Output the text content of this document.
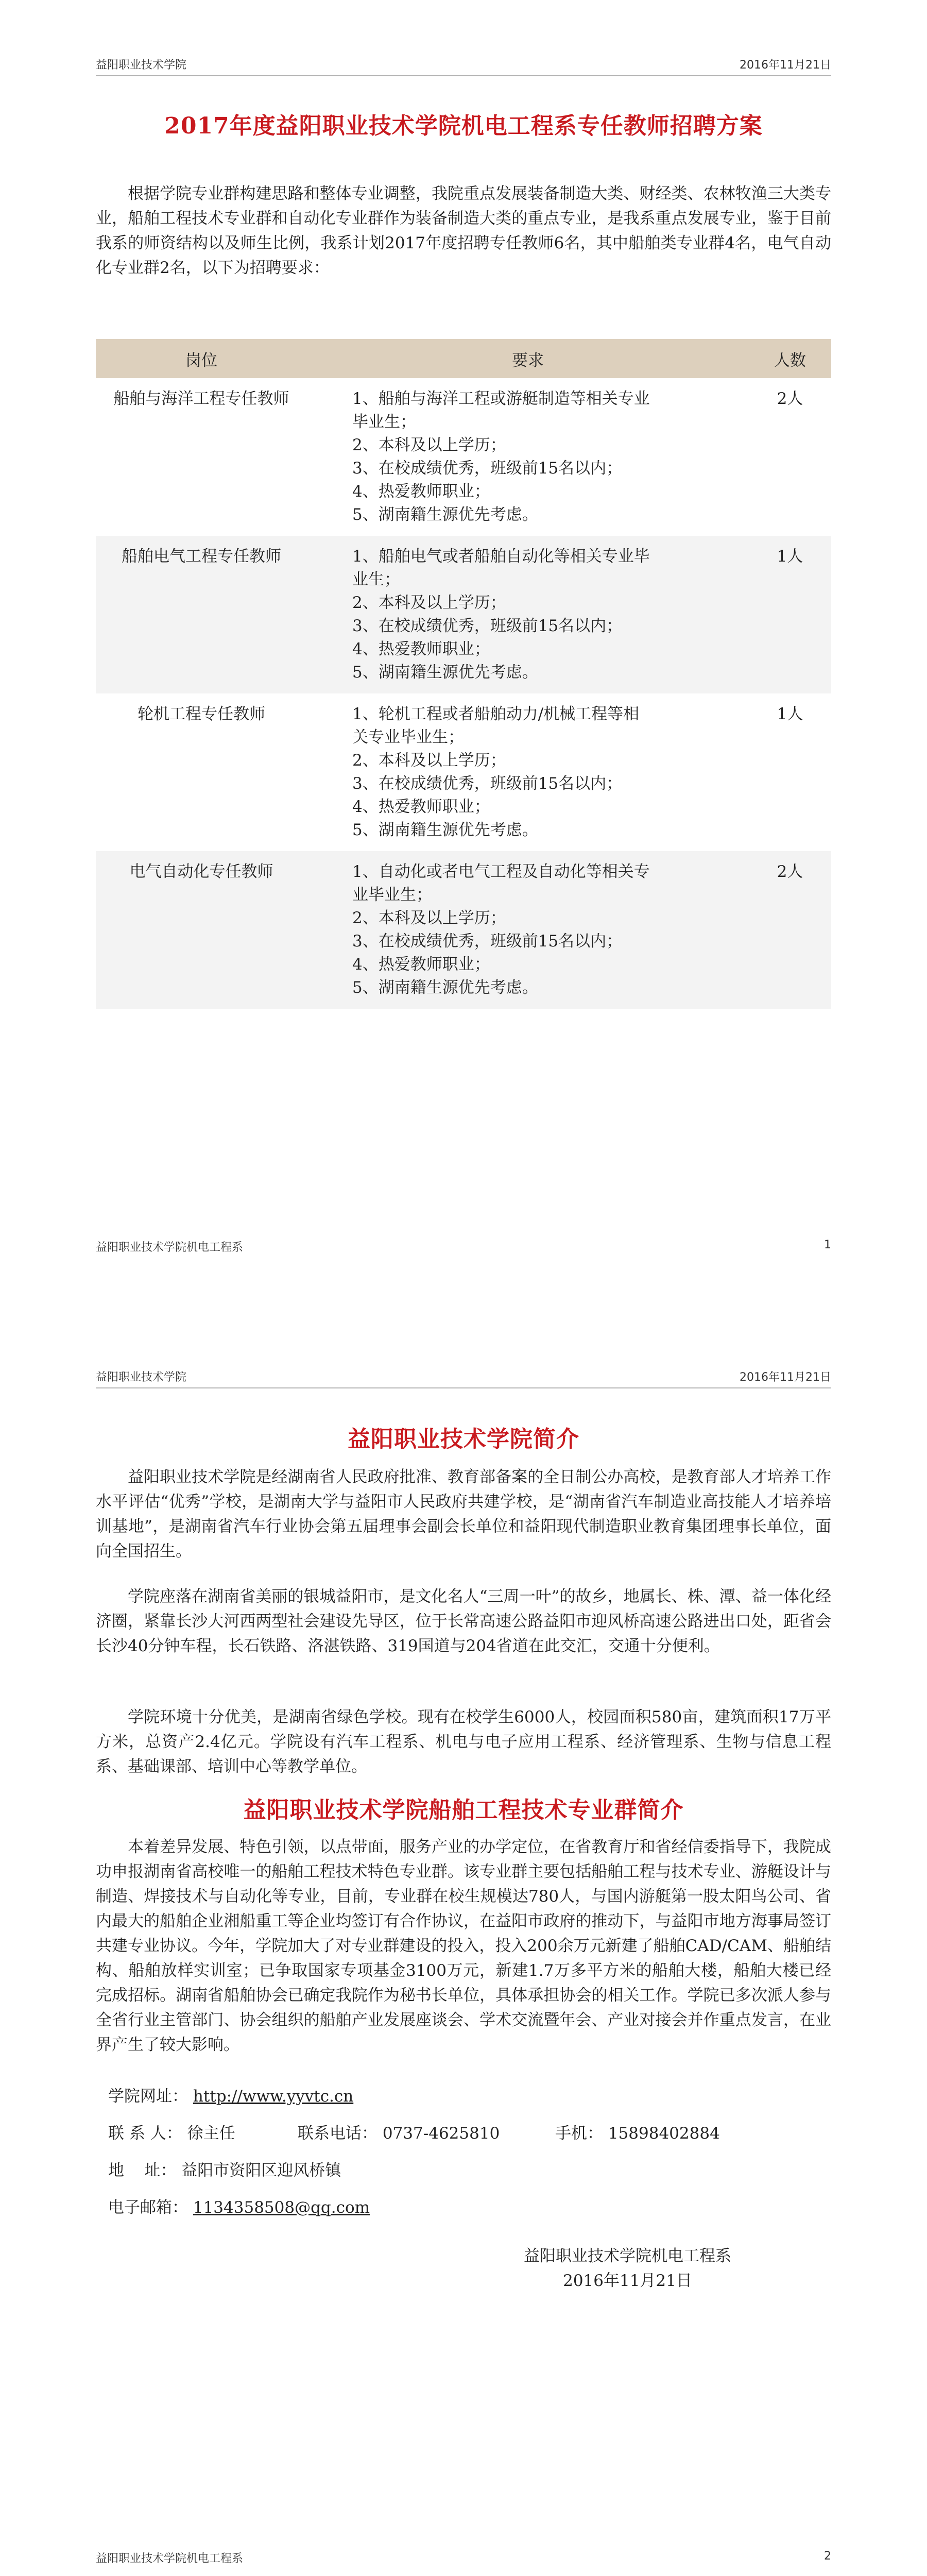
益阳职业技术学院	2016年11月21日
2017年度益阳职业技术学院机电工程系专任教师招聘方案

根据学院专业群构建思路和整体专业调整，我院重点发展装备制造大类、财经类、农林牧渔三大类专业，船舶工程技术专业群和自动化专业群作为装备制造大类的重点专业，是我系重点发展专业，鉴于目前我系的师资结构以及师生比例，我系计划2017年度招聘专任教师6名，其中船舶类专业群4名，电气自动化专业群2名，以下为招聘要求：

岗位	要求	人数
船舶与海洋工程专任教师	1、船舶与海洋工程或游艇制造等相关专业毕业生；
2、本科及以上学历；
3、在校成绩优秀，班级前15名以内；
4、热爱教师职业；
5、湖南籍生源优先考虑。	2人
船舶电气工程专任教师	1、船舶电气或者船舶自动化等相关专业毕业生；
2、本科及以上学历；
3、在校成绩优秀，班级前15名以内；
4、热爱教师职业；
5、湖南籍生源优先考虑。	1人
轮机工程专任教师	1、轮机工程或者船舶动力/机械工程等相关专业毕业生；
2、本科及以上学历；
3、在校成绩优秀，班级前15名以内；
4、热爱教师职业；
5、湖南籍生源优先考虑。	1人
电气自动化专任教师	1、自动化或者电气工程及自动化等相关专业毕业生；
2、本科及以上学历；
3、在校成绩优秀，班级前15名以内；
4、热爱教师职业；
5、湖南籍生源优先考虑。	2人
益阳职业技术学院机电工程系	1
益阳职业技术学院	2016年11月21日
益阳职业技术学院简介

益阳职业技术学院是经湖南省人民政府批准、教育部备案的全日制公办高校，是教育部人才培养工作水平评估“优秀”学校，是湖南大学与益阳市人民政府共建学校，是“湖南省汽车制造业高技能人才培养培训基地”，是湖南省汽车行业协会第五届理事会副会长单位和益阳现代制造职业教育集团理事长单位，面向全国招生。

学院座落在湖南省美丽的银城益阳市，是文化名人“三周一叶”的故乡，地属长、株、潭、益一体化经济圈，紧靠长沙大河西两型社会建设先导区，位于长常高速公路益阳市迎风桥高速公路进出口处，距省会长沙40分钟车程，长石铁路、洛湛铁路、319国道与204省道在此交汇，交通十分便利。

学院环境十分优美，是湖南省绿色学校。现有在校学生6000人，校园面积580亩，建筑面积17万平方米，总资产2.4亿元。学院设有汽车工程系、机电与电子应用工程系、经济管理系、生物与信息工程系、基础课部、培训中心等教学单位。

益阳职业技术学院船舶工程技术专业群简介

本着差异发展、特色引领，以点带面，服务产业的办学定位，在省教育厅和省经信委指导下，我院成功申报湖南省高校唯一的船舶工程技术特色专业群。该专业群主要包括船舶工程与技术专业、游艇设计与制造、焊接技术与自动化等专业，目前，专业群在校生规模达780人，与国内游艇第一股太阳鸟公司、省内最大的船舶企业湘船重工等企业均签订有合作协议，在益阳市政府的推动下，与益阳市地方海事局签订共建专业协议。今年，学院加大了对专业群建设的投入，投入200余万元新建了船舶CAD/CAM、船舶结构、船舶放样实训室；已争取国家专项基金3100万元，新建1.7万多平方米的船舶大楼，船舶大楼已经完成招标。湖南省船舶协会已确定我院作为秘书长单位，具体承担协会的相关工作。学院已多次派人参与全省行业主管部门、协会组织的船舶产业发展座谈会、学术交流暨年会、产业对接会并作重点发言，在业界产生了较大影响。

学院网址： http://www.yyvtc.cn
联 系 人： 徐主任	联系电话： 0737-4625810	手机： 15898402884
地    址： 益阳市资阳区迎风桥镇
电子邮箱： 1134358508@qq.com
益阳职业技术学院机电工程系
2016年11月21日
益阳职业技术学院机电工程系	2
